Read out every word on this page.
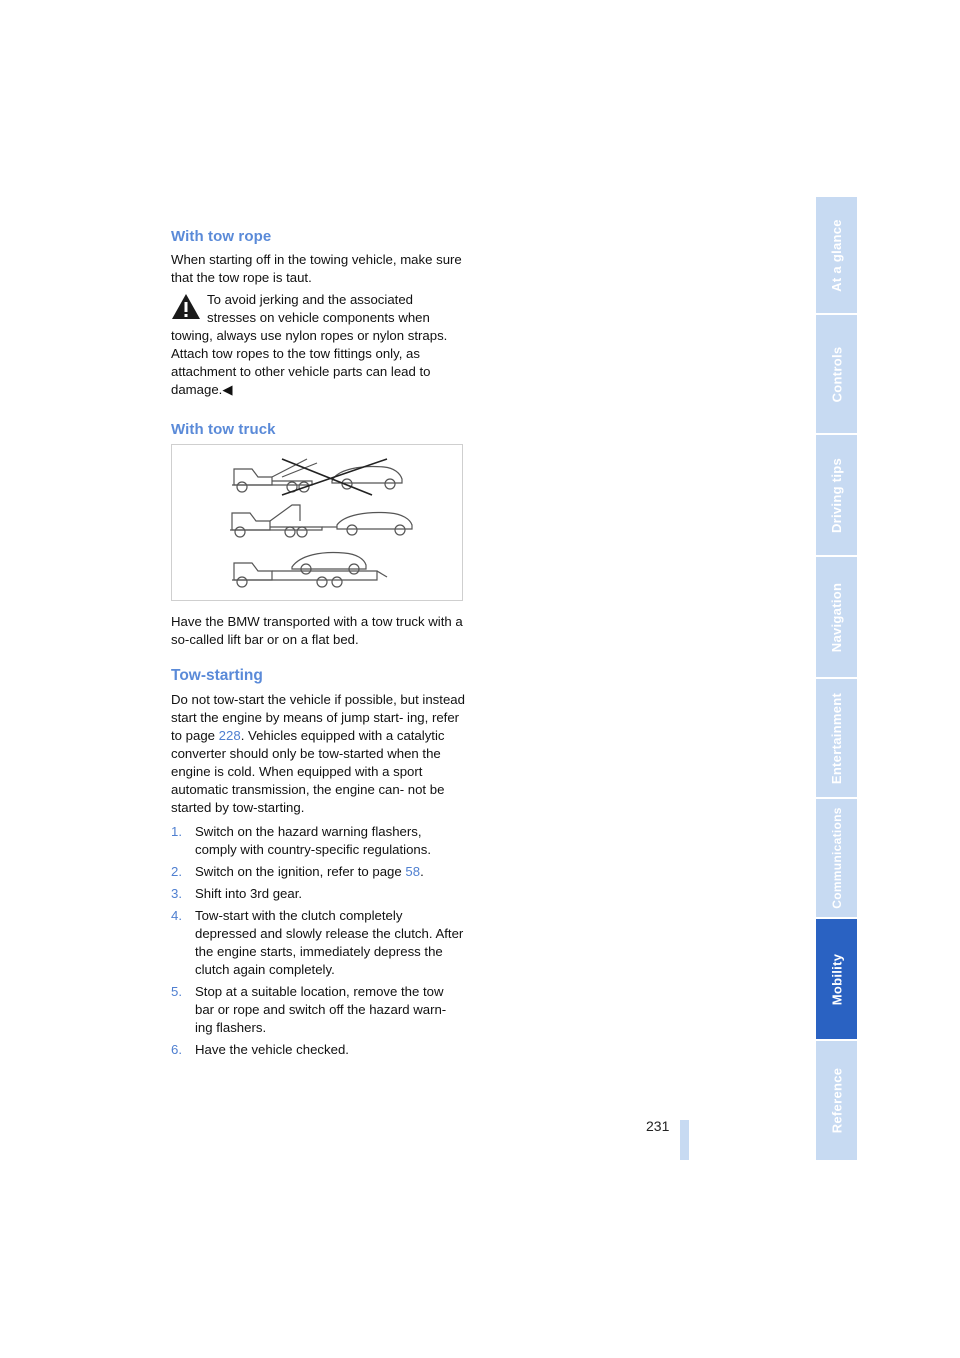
With tow rope

When starting off in the towing vehicle, make sure that the tow rope is taut.

To avoid jerking and the associated

stresses on vehicle components when

towing, always use nylon ropes or nylon straps. Attach tow ropes to the tow fittings only, as attachment to other vehicle parts can lead to damage.◀

With tow truck

Have the BMW transported with a tow truck with a so-called lift bar or on a flat bed.

Tow-starting

Do not tow-start the vehicle if possible, but instead start the engine by means of jump start- ing, refer to page 228. Vehicles equipped with a catalytic converter should only be tow-started when the engine is cold. When equipped with a sport automatic transmission, the engine can- not be started by tow-starting.

1. Switch on the hazard warning flashers, comply with country-specific regulations.
2. Switch on the ignition, refer to page 58.
3. Shift into 3rd gear.
4. Tow-start with the clutch completely depressed and slowly release the clutch. After the engine starts, immediately depress the clutch again completely.
5. Stop at a suitable location, remove the tow bar or rope and switch off the hazard warn- ing flashers.
6. Have the vehicle checked.
231
At a glance
Controls
Driving tips
Navigation
Entertainment
Communications
Mobility
Reference
